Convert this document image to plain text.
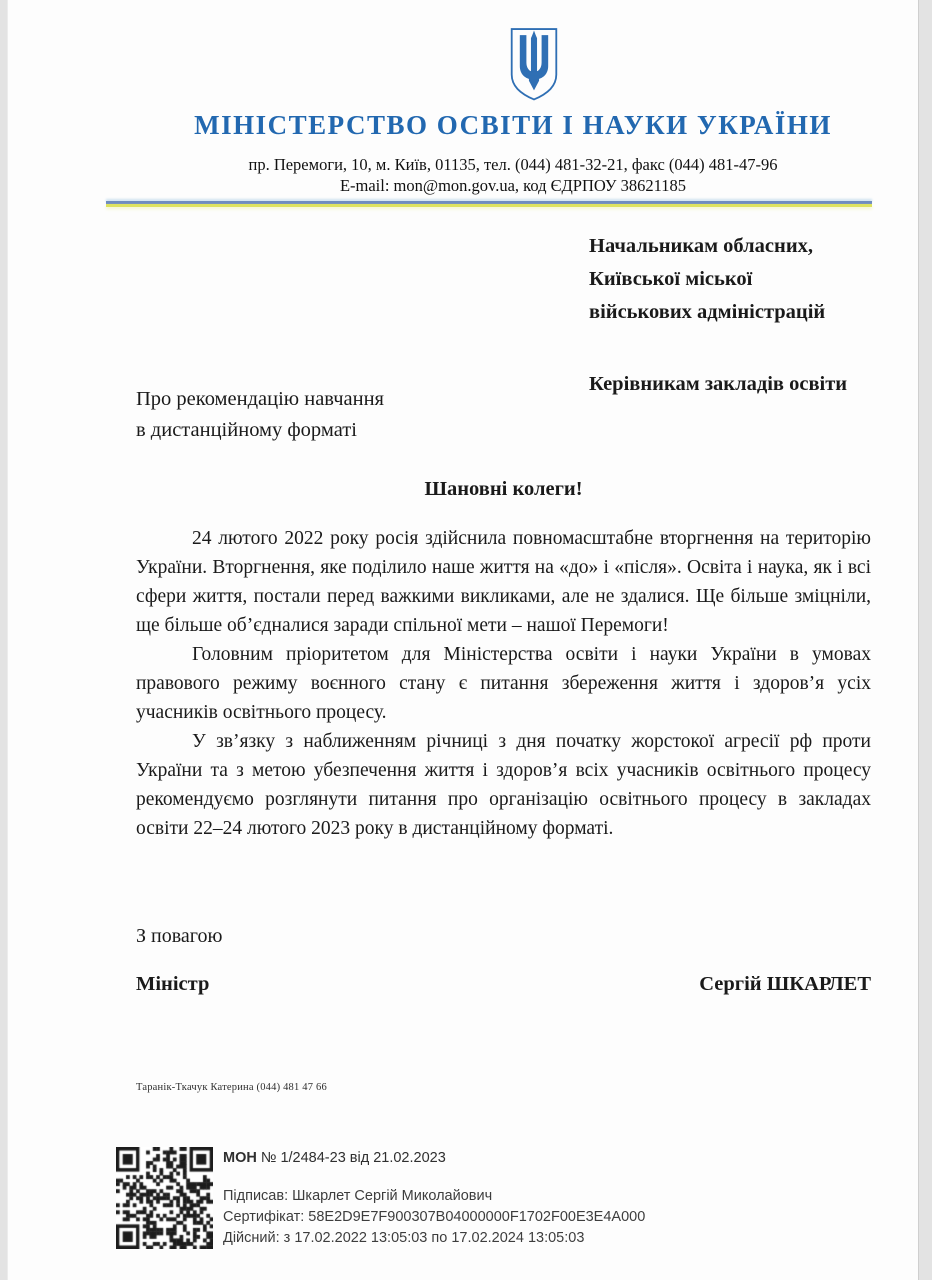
МІНІСТЕРСТВО ОСВІТИ І НАУКИ УКРАЇНИ
пр. Перемоги, 10, м. Київ, 01135, тел. (044) 481-32-21, факс (044) 481-47-96
E-mail: mon@mon.gov.ua, код ЄДРПОУ 38621185
Начальникам обласних,
Київської міської
військових адміністрацій
Керівникам закладів освіти
Про рекомендацію навчання
в дистанційному форматі
Шановні колеги!

24 лютого 2022 року росія здійснила повномасштабне вторгнення на територію України. Вторгнення, яке поділило наше життя на «до» і «після». Освіта і наука, як і всі сфери життя, постали перед важкими викликами, але не здалися. Ще більше зміцніли, ще більше об’єдналися заради спільної мети – нашої Перемоги!

Головним пріоритетом для Міністерства освіти і науки України в умовах правового режиму воєнного стану є питання збереження життя і здоров’я усіх учасників освітнього процесу.

У зв’язку з наближенням річниці з дня початку жорстокої агресії рф проти України та з метою убезпечення життя і здоров’я всіх учасників освітнього процесу рекомендуємо розглянути питання про організацію освітнього процесу в закладах освіти 22–24 лютого 2023 року в дистанційному форматі.

З повагою
Міністр	Сергій ШКАРЛЕТ
Таранік-Ткачук Катерина (044) 481 47 66
МОН № 1/2484-23 від 21.02.2023
Підписав: Шкарлет Сергій Миколайович
Сертифікат: 58E2D9E7F900307B04000000F1702F00E3E4A000
Дійсний: з 17.02.2022 13:05:03 по 17.02.2024 13:05:03
